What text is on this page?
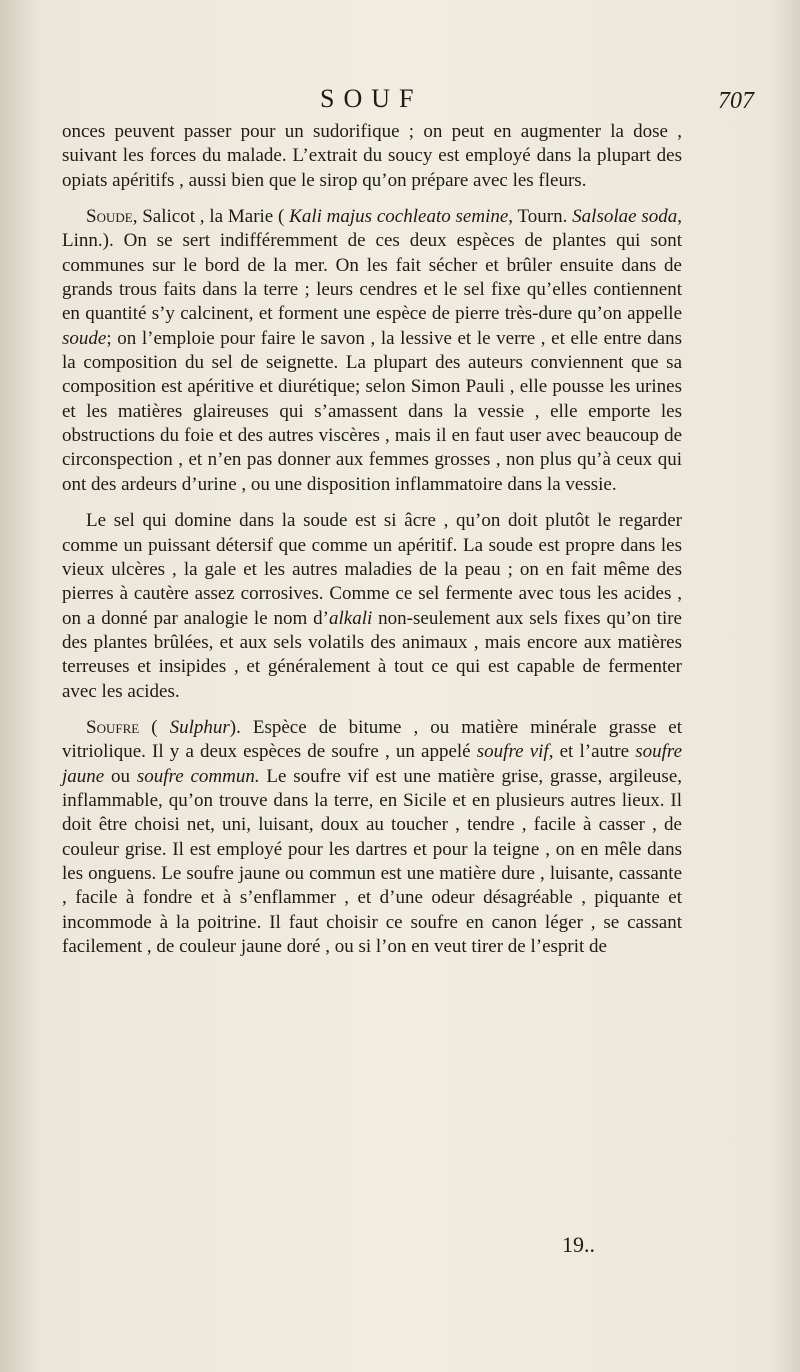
SOUF	707

onces peuvent passer pour un sudorifique ; on peut en augmenter la dose , suivant les forces du malade. L’extrait du soucy est employé dans la plupart des opiats apéritifs , aussi bien que le sirop qu’on prépare avec les fleurs.

Soude, Salicot , la Marie ( Kali majus cochleato semine, Tourn. Salsolae soda, Linn.). On se sert indifféremment de ces deux espèces de plantes qui sont communes sur le bord de la mer. On les fait sécher et brûler ensuite dans de grands trous faits dans la terre ; leurs cendres et le sel fixe qu’elles contiennent en quantité s’y calcinent, et forment une espèce de pierre très-dure qu’on appelle soude; on l’emploie pour faire le savon , la lessive et le verre , et elle entre dans la composition du sel de seignette. La plupart des auteurs conviennent que sa composition est apéritive et diurétique; selon Simon Pauli , elle pousse les urines et les matières glaireuses qui s’amassent dans la vessie , elle emporte les obstructions du foie et des autres viscères , mais il en faut user avec beaucoup de circonspection , et n’en pas donner aux femmes grosses , non plus qu’à ceux qui ont des ardeurs d’urine , ou une disposition inflammatoire dans la vessie.

Le sel qui domine dans la soude est si âcre , qu’on doit plutôt le regarder comme un puissant détersif que comme un apéritif. La soude est propre dans les vieux ulcères , la gale et les autres maladies de la peau ; on en fait même des pierres à cautère assez corrosives. Comme ce sel fermente avec tous les acides , on a donné par analogie le nom d’alkali non-seulement aux sels fixes qu’on tire des plantes brûlées, et aux sels volatils des animaux , mais encore aux matières terreuses et insipides , et généralement à tout ce qui est capable de fermenter avec les acides.

Soufre ( Sulphur). Espèce de bitume , ou matière minérale grasse et vitriolique. Il y a deux espèces de soufre , un appelé soufre vif, et l’autre soufre jaune ou soufre commun. Le soufre vif est une matière grise, grasse, argileuse, inflammable, qu’on trouve dans la terre, en Sicile et en plusieurs autres lieux. Il doit être choisi net, uni, luisant, doux au toucher , tendre , facile à casser , de couleur grise. Il est employé pour les dartres et pour la teigne , on en mêle dans les onguens. Le soufre jaune ou commun est une matière dure , luisante, cassante , facile à fondre et à s’enflammer , et d’une odeur désagréable , piquante et incommode à la poitrine. Il faut choisir ce soufre en canon léger , se cassant facilement , de couleur jaune doré , ou si l’on en veut tirer de l’esprit de

19..
